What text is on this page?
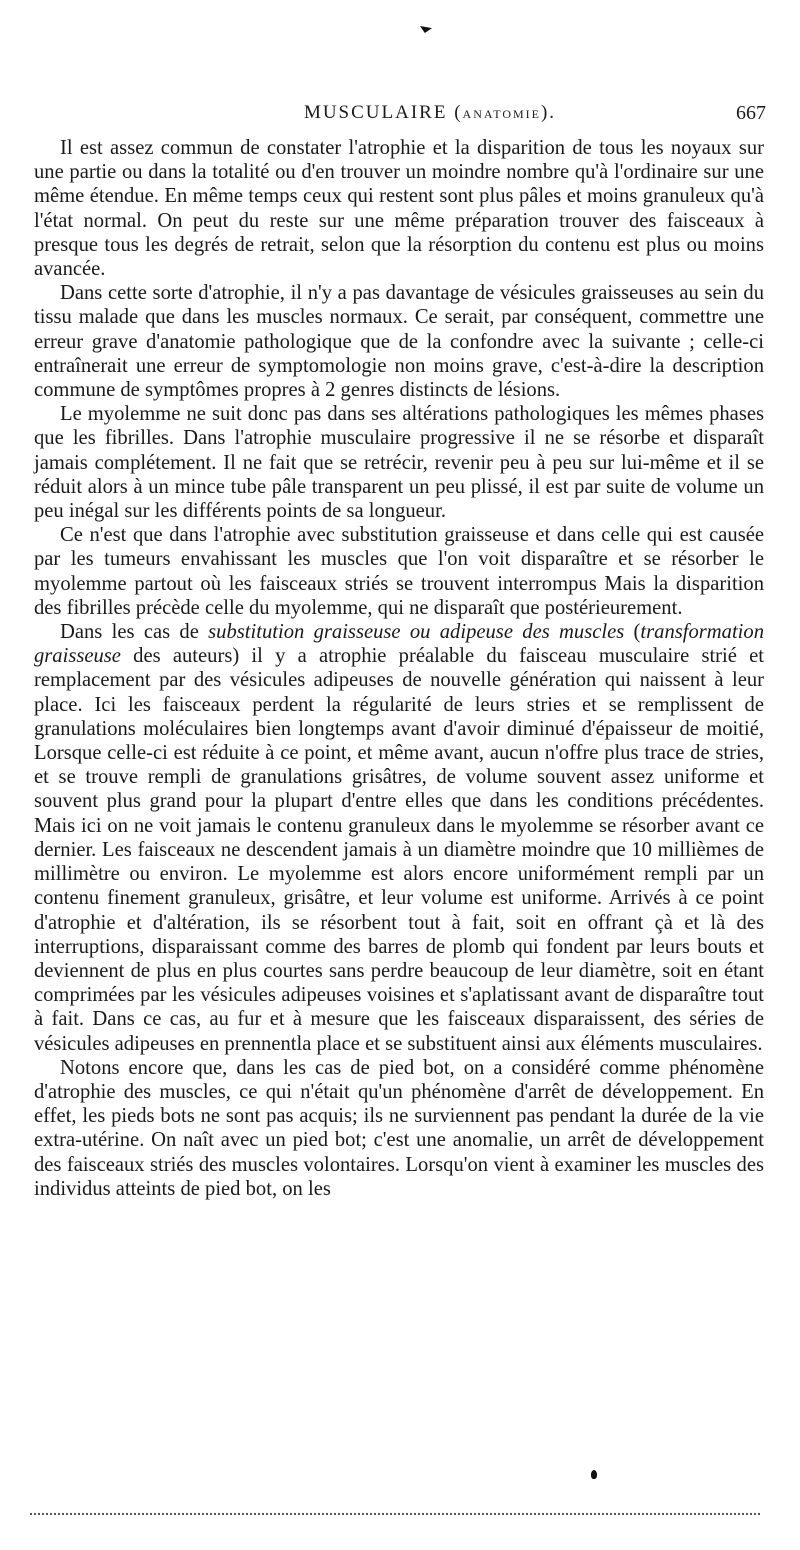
MUSCULAIRE (ANATOMIE).	667

Il est assez commun de constater l'atrophie et la disparition de tous les noyaux sur une partie ou dans la totalité ou d'en trouver un moindre nombre qu'à l'ordinaire sur une même étendue. En même temps ceux qui restent sont plus pâles et moins granuleux qu'à l'état normal. On peut du reste sur une même préparation trouver des faisceaux à presque tous les degrés de retrait, selon que la résorption du contenu est plus ou moins avancée.

Dans cette sorte d'atrophie, il n'y a pas davantage de vésicules graisseuses au sein du tissu malade que dans les muscles normaux. Ce serait, par conséquent, commettre une erreur grave d'anatomie pathologique que de la confondre avec la suivante ; celle-ci entraînerait une erreur de symptomologie non moins grave, c'est-à-dire la description commune de symptômes propres à 2 genres distincts de lésions.

Le myolemme ne suit donc pas dans ses altérations pathologiques les mêmes phases que les fibrilles. Dans l'atrophie musculaire progressive il ne se résorbe et disparaît jamais complétement. Il ne fait que se retrécir, revenir peu à peu sur lui-même et il se réduit alors à un mince tube pâle transparent un peu plissé, il est par suite de volume un peu inégal sur les différents points de sa longueur.

Ce n'est que dans l'atrophie avec substitution graisseuse et dans celle qui est causée par les tumeurs envahissant les muscles que l'on voit disparaître et se résorber le myolemme partout où les faisceaux striés se trouvent interrompus Mais la disparition des fibrilles précède celle du myolemme, qui ne disparaît que postérieurement.

Dans les cas de substitution graisseuse ou adipeuse des muscles (transformation graisseuse des auteurs) il y a atrophie préalable du faisceau musculaire strié et remplacement par des vésicules adipeuses de nouvelle génération qui naissent à leur place. Ici les faisceaux perdent la régularité de leurs stries et se remplissent de granulations moléculaires bien longtemps avant d'avoir diminué d'épaisseur de moitié, Lorsque celle-ci est réduite à ce point, et même avant, aucun n'offre plus trace de stries, et se trouve rempli de granulations grisâtres, de volume souvent assez uniforme et souvent plus grand pour la plupart d'entre elles que dans les conditions précédentes. Mais ici on ne voit jamais le contenu granuleux dans le myolemme se résorber avant ce dernier. Les faisceaux ne descendent jamais à un diamètre moindre que 10 millièmes de millimètre ou environ. Le myolemme est alors encore uniformément rempli par un contenu finement granuleux, grisâtre, et leur volume est uniforme. Arrivés à ce point d'atrophie et d'altération, ils se résorbent tout à fait, soit en offrant çà et là des interruptions, disparaissant comme des barres de plomb qui fondent par leurs bouts et deviennent de plus en plus courtes sans perdre beaucoup de leur diamètre, soit en étant comprimées par les vésicules adipeuses voisines et s'aplatissant avant de disparaître tout à fait. Dans ce cas, au fur et à mesure que les faisceaux disparaissent, des séries de vésicules adipeuses en prennentla place et se substituent ainsi aux éléments musculaires.

Notons encore que, dans les cas de pied bot, on a considéré comme phénomène d'atrophie des muscles, ce qui n'était qu'un phénomène d'arrêt de développement. En effet, les pieds bots ne sont pas acquis; ils ne surviennent pas pendant la durée de la vie extra-utérine. On naît avec un pied bot; c'est une anomalie, un arrêt de développement des faisceaux striés des muscles volontaires. Lorsqu'on vient à examiner les muscles des individus atteints de pied bot, on les
